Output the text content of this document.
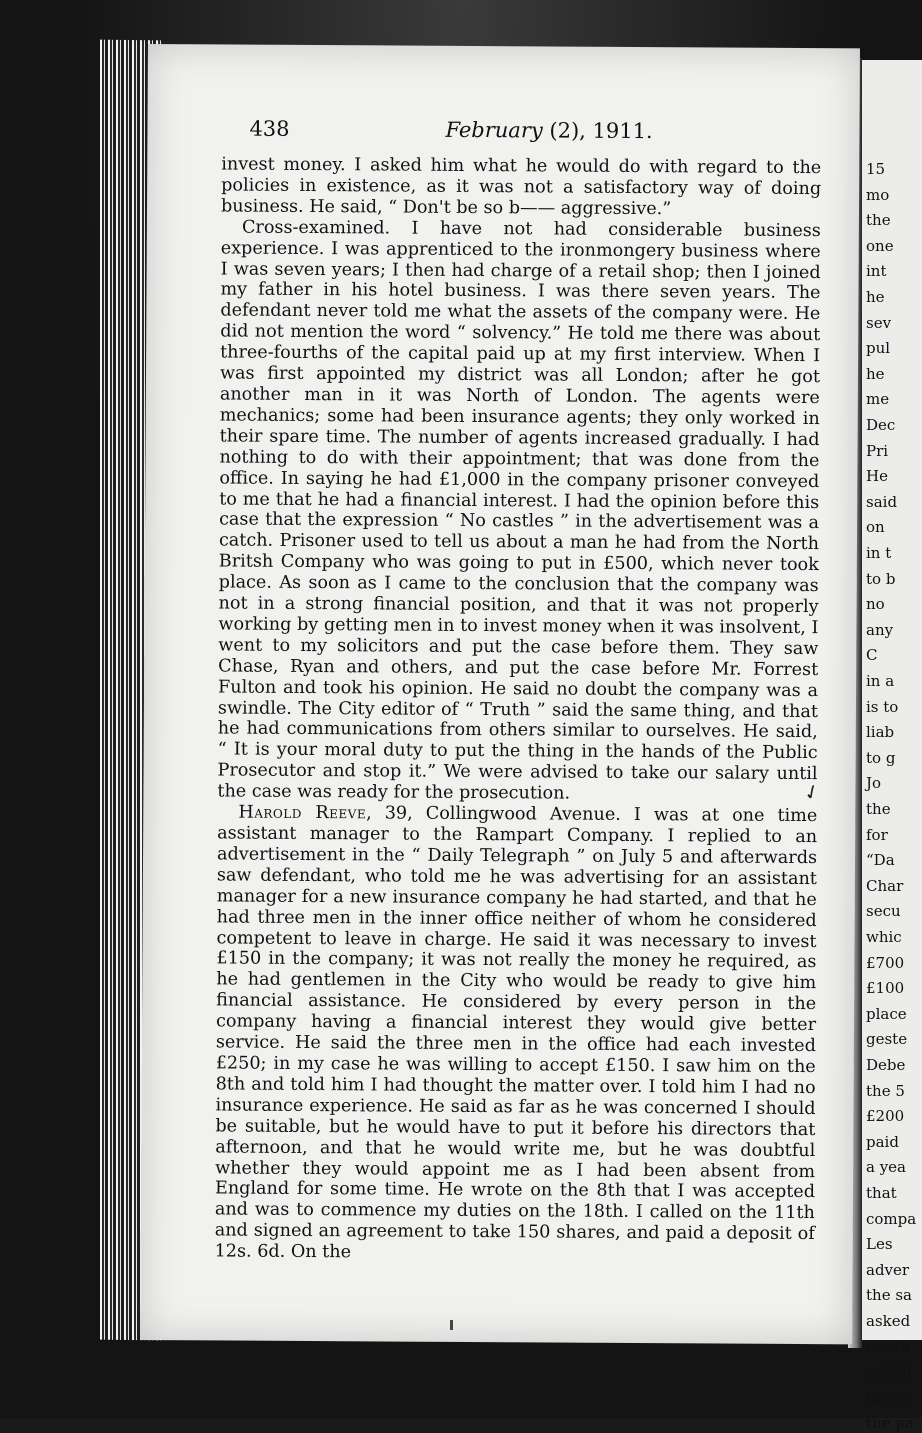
15
mo
the
one
int
he
sev
pul
he
me
Dec
Pri
He
said
on
in t
to b
no
any
C
in a
is to
liab
to g
Jo
the
for
“Da
Char
secu
whic
£700
£100
place
geste
Debe
the 5
£200
paid
a yea
that
compa
Les
adver
the sa
asked
me th
which
the co
the pa
438	February (2), 1911.

invest money. I asked him what he would do with regard to the policies in existence, as it was not a satisfactory way of doing business. He said, “ Don't be so b—— aggressive.”

Cross-examined. I have not had considerable business experience. I was apprenticed to the ironmongery business where I was seven years; I then had charge of a retail shop; then I joined my father in his hotel business. I was there seven years. The defendant never told me what the assets of the company were. He did not mention the word “ solvency.” He told me there was about three-fourths of the capital paid up at my first interview. When I was first appointed my district was all London; after he got another man in it was North of London. The agents were mechanics; some had been insurance agents; they only worked in their spare time. The number of agents increased gradually. I had nothing to do with their appointment; that was done from the office. In saying he had £1,000 in the company prisoner conveyed to me that he had a financial interest. I had the opinion before this case that the expression “ No castles ” in the advertisement was a catch. Prisoner used to tell us about a man he had from the North Britsh Company who was going to put in £500, which never took place. As soon as I came to the conclusion that the company was not in a strong financial position, and that it was not properly working by getting men in to invest money when it was insolvent, I went to my solicitors and put the case before them. They saw Chase, Ryan and others, and put the case before Mr. Forrest Fulton and took his opinion. He said no doubt the company was a swindle. The City editor of “ Truth ” said the same thing, and that he had communications from others similar to ourselves. He said, “ It is your moral duty to put the thing in the hands of the Public Prosecutor and stop it.” We were advised to take our salary until the case was ready for the prosecution.

Harold Reeve, 39, Collingwood Avenue. I was at one time assistant manager to the Rampart Company. I replied to an advertisement in the “ Daily Telegraph ” on July 5 and afterwards saw defendant, who told me he was advertising for an assistant manager for a new insurance company he had started, and that he had three men in the inner office neither of whom he considered competent to leave in charge. He said it was necessary to invest £150 in the company; it was not really the money he required, as he had gentlemen in the City who would be ready to give him financial assistance. He considered by every person in the company having a financial interest they would give better service. He said the three men in the office had each invested £250; in my case he was willing to accept £150. I saw him on the 8th and told him I had thought the matter over. I told him I had no insurance experience. He said as far as he was concerned I should be suitable, but he would have to put it before his directors that afternoon, and that he would write me, but he was doubtful whether they would appoint me as I had been absent from England for some time. He wrote on the 8th that I was accepted and was to commence my duties on the 18th. I called on the 11th and signed an agreement to take 150 shares, and paid a deposit of 12s. 6d. On the

✓
